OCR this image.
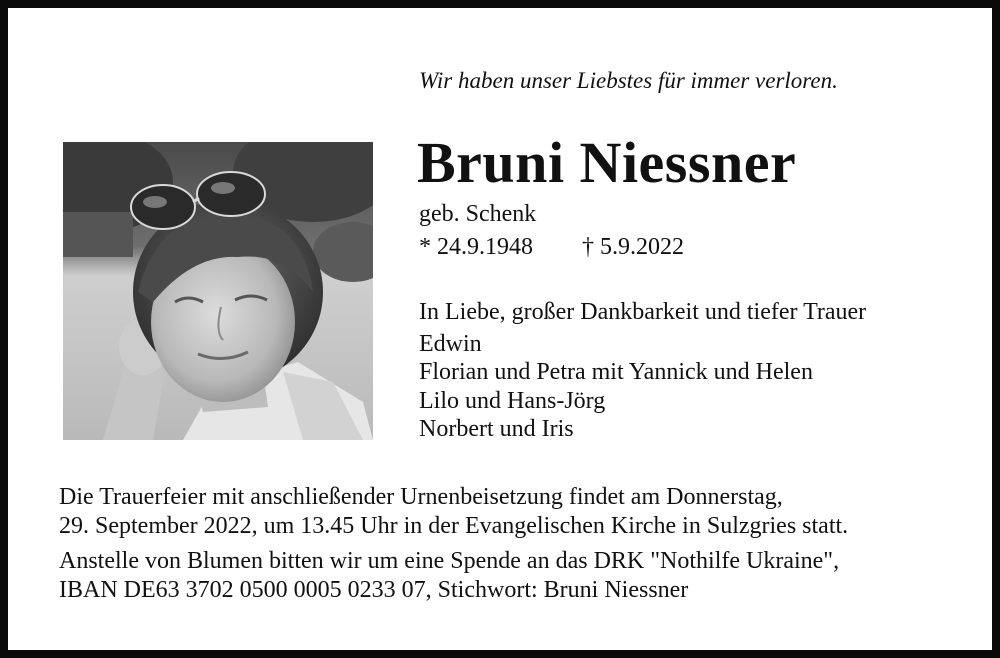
Wir haben unser Liebstes für immer verloren.
Bruni Niessner
geb. Schenk
* 24.9.1948 † 5.9.2022
In Liebe, großer Dankbarkeit und tiefer Trauer
Edwin
Florian und Petra mit Yannick und Helen
Lilo und Hans-Jörg
Norbert und Iris
Die Trauerfeier mit anschließender Urnenbeisetzung findet am Donnerstag,
29. September 2022, um 13.45 Uhr in der Evangelischen Kirche in Sulzgries statt.
Anstelle von Blumen bitten wir um eine Spende an das DRK "Nothilfe Ukraine",
IBAN DE63 3702 0500 0005 0233 07, Stichwort: Bruni Niessner
